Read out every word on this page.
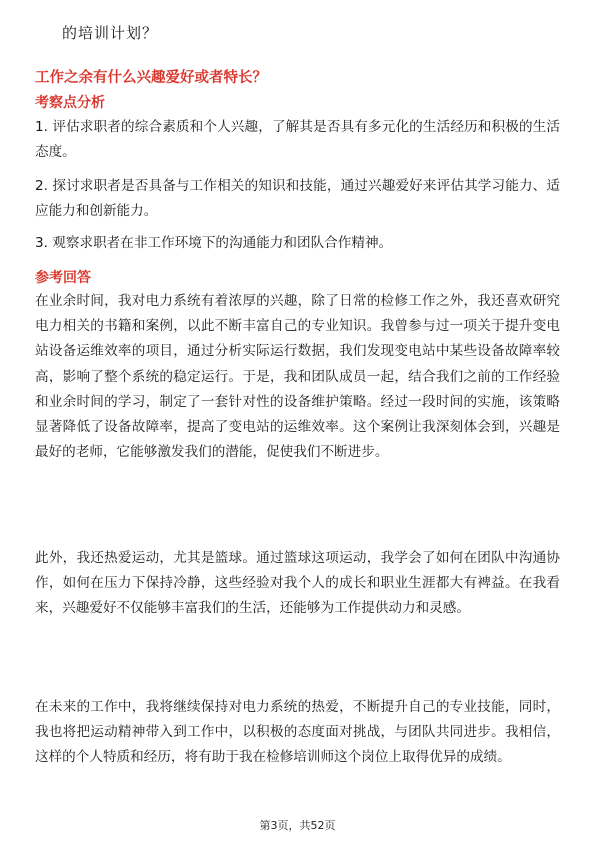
的培训计划？
工作之余有什么兴趣爱好或者特长？
考察点分析
1. 评估求职者的综合素质和个人兴趣，了解其是否具有多元化的生活经历和积极的生活态度。
2. 探讨求职者是否具备与工作相关的知识和技能，通过兴趣爱好来评估其学习能力、适应能力和创新能力。
3. 观察求职者在非工作环境下的沟通能力和团队合作精神。
参考回答
在业余时间，我对电力系统有着浓厚的兴趣，除了日常的检修工作之外，我还喜欢研究电力相关的书籍和案例，以此不断丰富自己的专业知识。我曾参与过一项关于提升变电站设备运维效率的项目，通过分析实际运行数据，我们发现变电站中某些设备故障率较高，影响了整个系统的稳定运行。于是，我和团队成员一起，结合我们之前的工作经验和业余时间的学习，制定了一套针对性的设备维护策略。经过一段时间的实施，该策略显著降低了设备故障率，提高了变电站的运维效率。这个案例让我深刻体会到，兴趣是最好的老师，它能够激发我们的潜能，促使我们不断进步。
此外，我还热爱运动，尤其是篮球。通过篮球这项运动，我学会了如何在团队中沟通协作，如何在压力下保持冷静，这些经验对我个人的成长和职业生涯都大有裨益。在我看来，兴趣爱好不仅能够丰富我们的生活，还能够为工作提供动力和灵感。
在未来的工作中，我将继续保持对电力系统的热爱，不断提升自己的专业技能，同时，我也将把运动精神带入到工作中，以积极的态度面对挑战，与团队共同进步。我相信，这样的个人特质和经历，将有助于我在检修培训师这个岗位上取得优异的成绩。
第3页，共52页
